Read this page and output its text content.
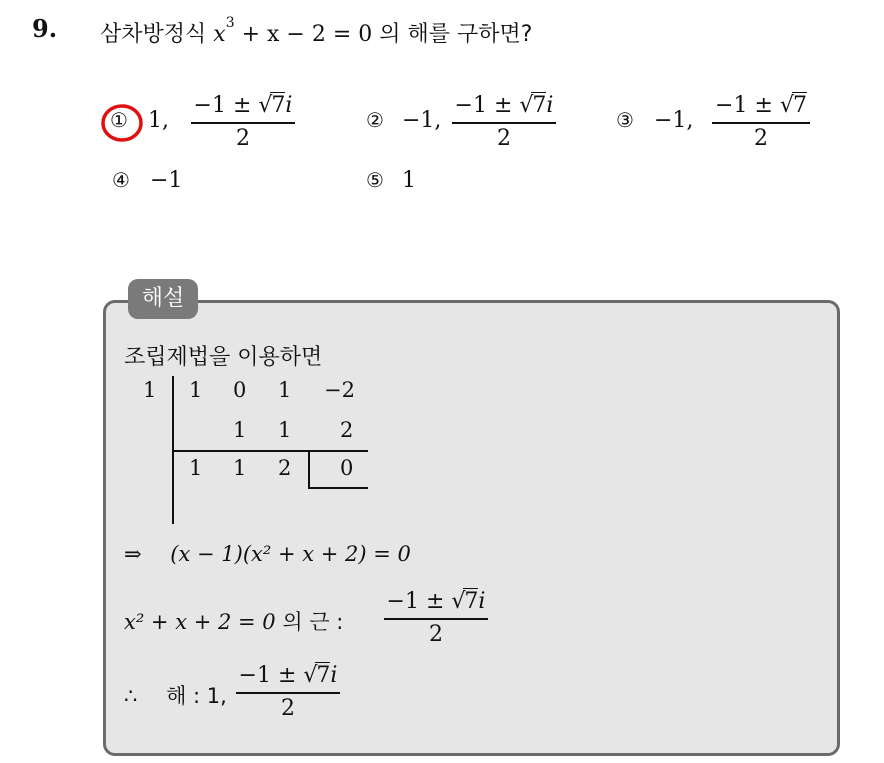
9. 삼차방정식 $x^3 + x - 2 = 0$ 의 해를 구하면?
① 1,
−1 ± √7i
2
② −1,
−1 ± √7i
2
③ −1,
−1 ± √7
2
④ −1	⑤ 1
해설
조립제법을 이용하면
1 1 0 1 −2
1 1 2
1 1 2 0
⇒ (x − 1)(x² + x + 2) = 0
x² + x + 2 = 0 의 근 :
−1 ± √7i
2
∴ 해 : 1,
−1 ± √7i
2
